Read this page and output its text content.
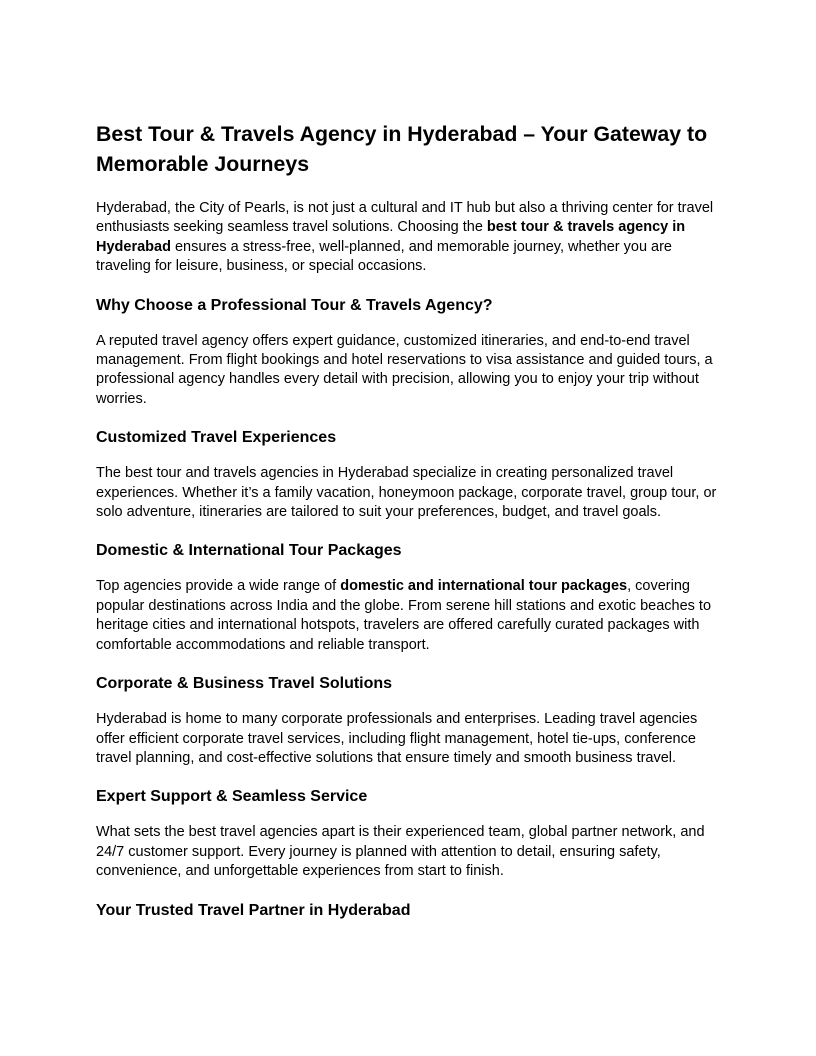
Best Tour & Travels Agency in Hyderabad – Your Gateway to Memorable Journeys

Hyderabad, the City of Pearls, is not just a cultural and IT hub but also a thriving center for travel enthusiasts seeking seamless travel solutions. Choosing the best tour & travels agency in Hyderabad ensures a stress-free, well-planned, and memorable journey, whether you are traveling for leisure, business, or special occasions.

Why Choose a Professional Tour & Travels Agency?

A reputed travel agency offers expert guidance, customized itineraries, and end-to-end travel management. From flight bookings and hotel reservations to visa assistance and guided tours, a professional agency handles every detail with precision, allowing you to enjoy your trip without worries.

Customized Travel Experiences

The best tour and travels agencies in Hyderabad specialize in creating personalized travel experiences. Whether it’s a family vacation, honeymoon package, corporate travel, group tour, or solo adventure, itineraries are tailored to suit your preferences, budget, and travel goals.

Domestic & International Tour Packages

Top agencies provide a wide range of domestic and international tour packages, covering popular destinations across India and the globe. From serene hill stations and exotic beaches to heritage cities and international hotspots, travelers are offered carefully curated packages with comfortable accommodations and reliable transport.

Corporate & Business Travel Solutions

Hyderabad is home to many corporate professionals and enterprises. Leading travel agencies offer efficient corporate travel services, including flight management, hotel tie-ups, conference travel planning, and cost-effective solutions that ensure timely and smooth business travel.

Expert Support & Seamless Service

What sets the best travel agencies apart is their experienced team, global partner network, and 24/7 customer support. Every journey is planned with attention to detail, ensuring safety, convenience, and unforgettable experiences from start to finish.

Your Trusted Travel Partner in Hyderabad
